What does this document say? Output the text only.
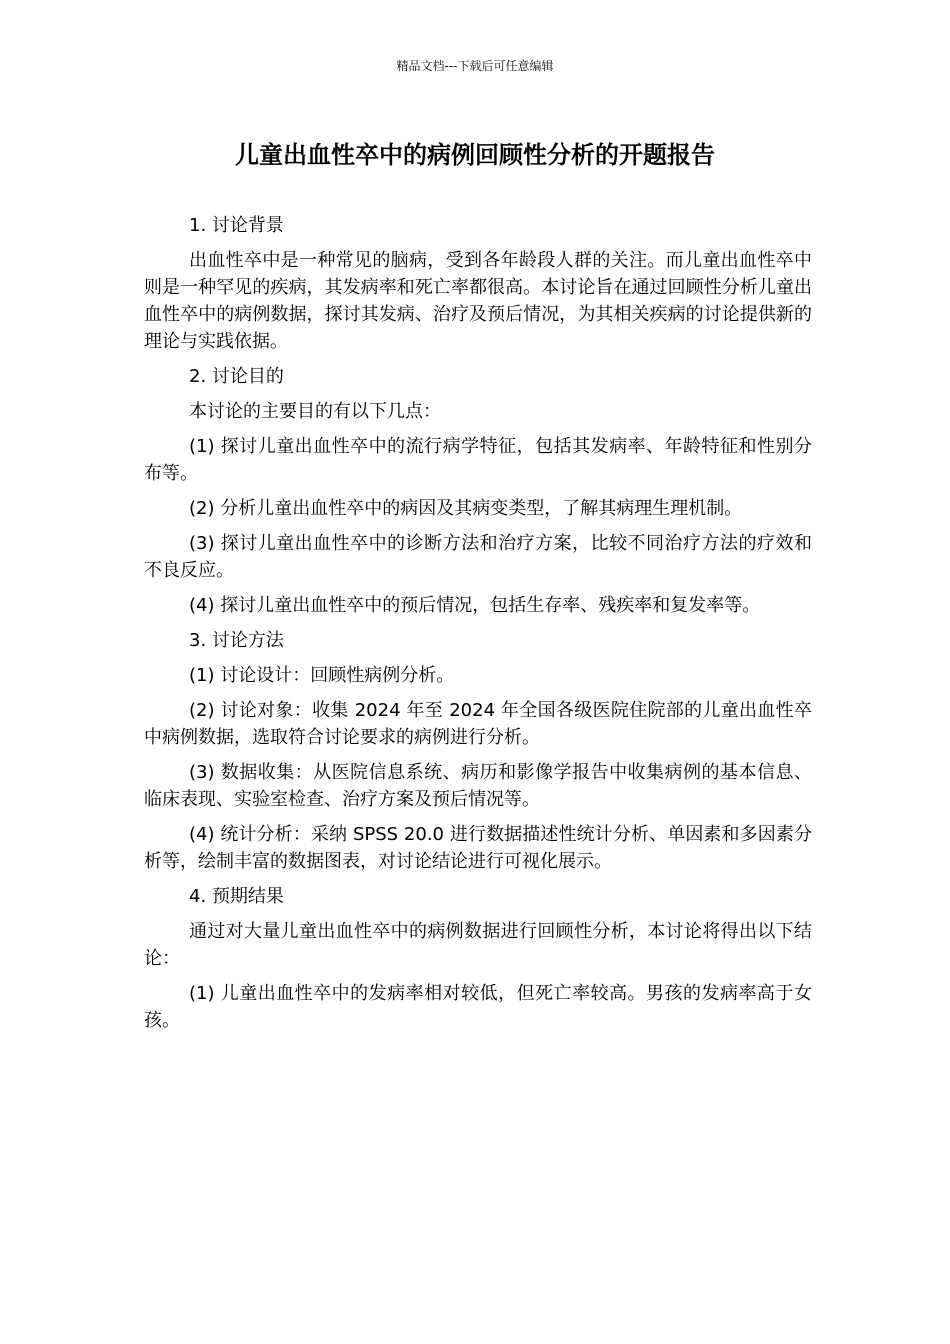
精品文档---下载后可任意编辑
儿童出血性卒中的病例回顾性分析的开题报告

1. 讨论背景

出血性卒中是一种常见的脑病，受到各年龄段人群的关注。而儿童出血性卒中则是一种罕见的疾病，其发病率和死亡率都很高。本讨论旨在通过回顾性分析儿童出血性卒中的病例数据，探讨其发病、治疗及预后情况，为其相关疾病的讨论提供新的理论与实践依据。

2. 讨论目的

本讨论的主要目的有以下几点：

(1) 探讨儿童出血性卒中的流行病学特征，包括其发病率、年龄特征和性别分布等。

(2) 分析儿童出血性卒中的病因及其病变类型，了解其病理生理机制。

(3) 探讨儿童出血性卒中的诊断方法和治疗方案，比较不同治疗方法的疗效和不良反应。

(4) 探讨儿童出血性卒中的预后情况，包括生存率、残疾率和复发率等。

3. 讨论方法

(1) 讨论设计：回顾性病例分析。

(2) 讨论对象：收集 2024 年至 2024 年全国各级医院住院部的儿童出血性卒中病例数据，选取符合讨论要求的病例进行分析。

(3) 数据收集：从医院信息系统、病历和影像学报告中收集病例的基本信息、临床表现、实验室检查、治疗方案及预后情况等。

(4) 统计分析：采纳 SPSS 20.0 进行数据描述性统计分析、单因素和多因素分析等，绘制丰富的数据图表，对讨论结论进行可视化展示。

4. 预期结果

通过对大量儿童出血性卒中的病例数据进行回顾性分析，本讨论将得出以下结论：

(1) 儿童出血性卒中的发病率相对较低，但死亡率较高。男孩的发病率高于女孩。
